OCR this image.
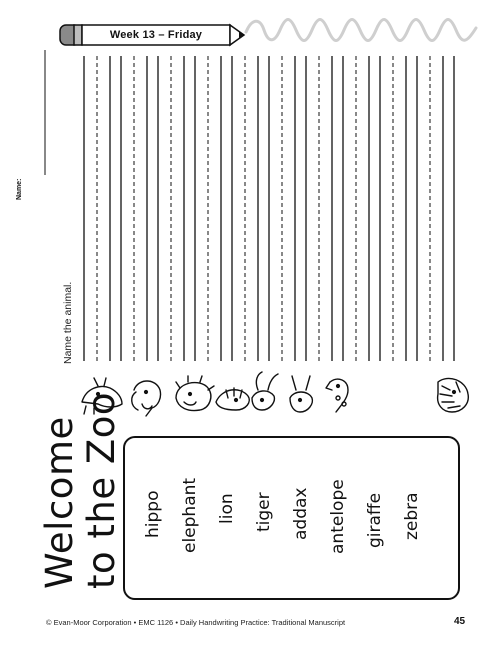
Week 13 – Friday
Name:
Name the animal.
Welcome to the Zoo hippo elephant lion tiger addax antelope giraffe zebra
© Evan-Moor Corporation • EMC 1126 • Daily Handwriting Practice: Traditional Manuscript	45
